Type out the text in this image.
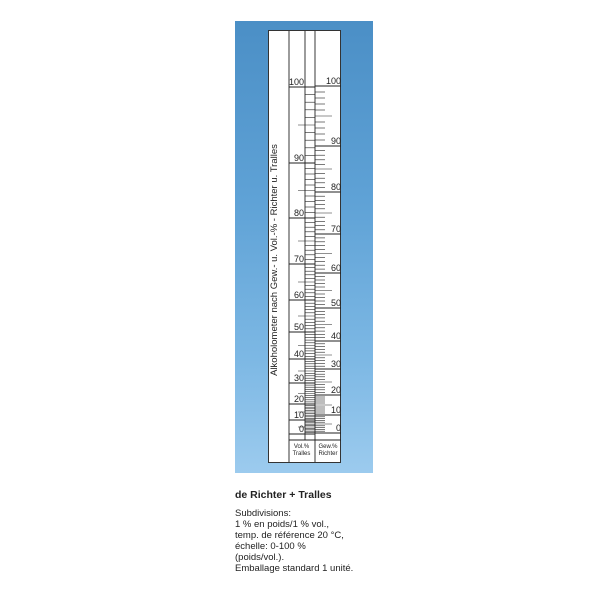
Alkoholometer nach Gew.- u. Vol.-% - Richter u. Tralles
100
90
80
70
60
50
40
30
20
10
0
100
90
80
70
60
50
40
30
20
10
0
Vol.%
Tralles
Gew.%
Richter
de Richter + Tralles
Subdivisions:
1 % en poids/1 % vol.,
temp. de référence 20 °C,
échelle: 0-100 %
(poids/vol.).
Emballage standard 1 unité.
